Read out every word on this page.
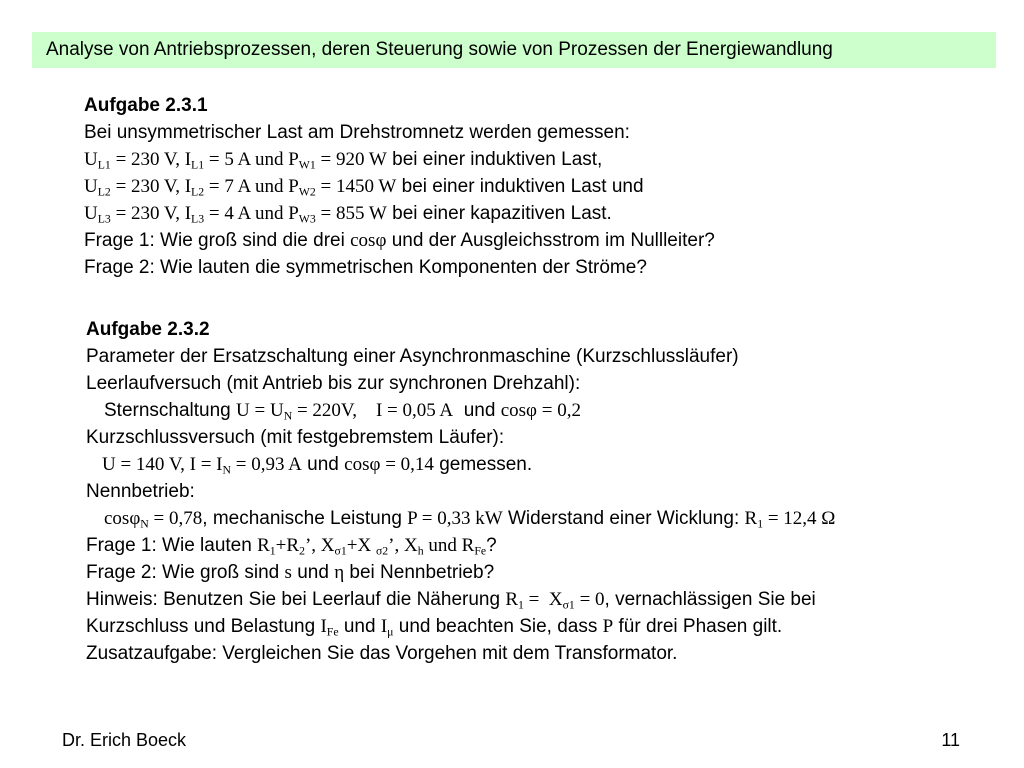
Analyse von Antriebsprozessen, deren Steuerung sowie von Prozessen der Energiewandlung
Aufgabe 2.3.1
Bei unsymmetrischer Last am Drehstromnetz werden gemessen:
$U_{L1} = 230$ V, $I_{L1} = 5$ A und $P_{W1} = 920$ W bei einer induktiven Last,
$U_{L2} = 230$ V, $I_{L2} = 7$ A und $P_{W2} = 1450$ W bei einer induktiven Last und
$U_{L3} = 230$ V, $I_{L3} = 4$ A und $P_{W3} = 855$ W bei einer kapazitiven Last.
Frage 1: Wie groß sind die drei cosφ und der Ausgleichsstrom im Nullleiter?
Frage 2: Wie lauten die symmetrischen Komponenten der Ströme?
Aufgabe 2.3.2
Parameter der Ersatzschaltung einer Asynchronmaschine (Kurzschlussläufer)
Leerlaufversuch (mit Antrieb bis zur synchronen Drehzahl):
Sternschaltung $U = U_N = 220V$,    I = 0,05 A  und cosφ = 0,2
Kurzschlussversuch (mit festgebremstem Läufer):
U = 140 V, $I = I_N = 0,93$ A und cosφ = 0,14 gemessen.
Nennbetrieb:
cosφ$_N$ = 0,78, mechanische Leistung P = 0,33 kW Widerstand einer Wicklung: $R_1 = 12,4$ Ω
Frage 1: Wie lauten $R_1+R_2$’, $X_{\sigma 1}+X$ $_{\sigma 2}$’, $X_h$ und $R_{Fe}$?
Frage 2: Wie groß sind s und η bei Nennbetrieb?
Hinweis: Benutzen Sie bei Leerlauf die Näherung $R_1 = X_{\sigma 1} = 0$, vernachlässigen Sie bei
Kurzschluss und Belastung $I_{Fe}$ und $I_\mu$ und beachten Sie, dass P für drei Phasen gilt.
Zusatzaufgabe: Vergleichen Sie das Vorgehen mit dem Transformator.
Dr. Erich Boeck	11
